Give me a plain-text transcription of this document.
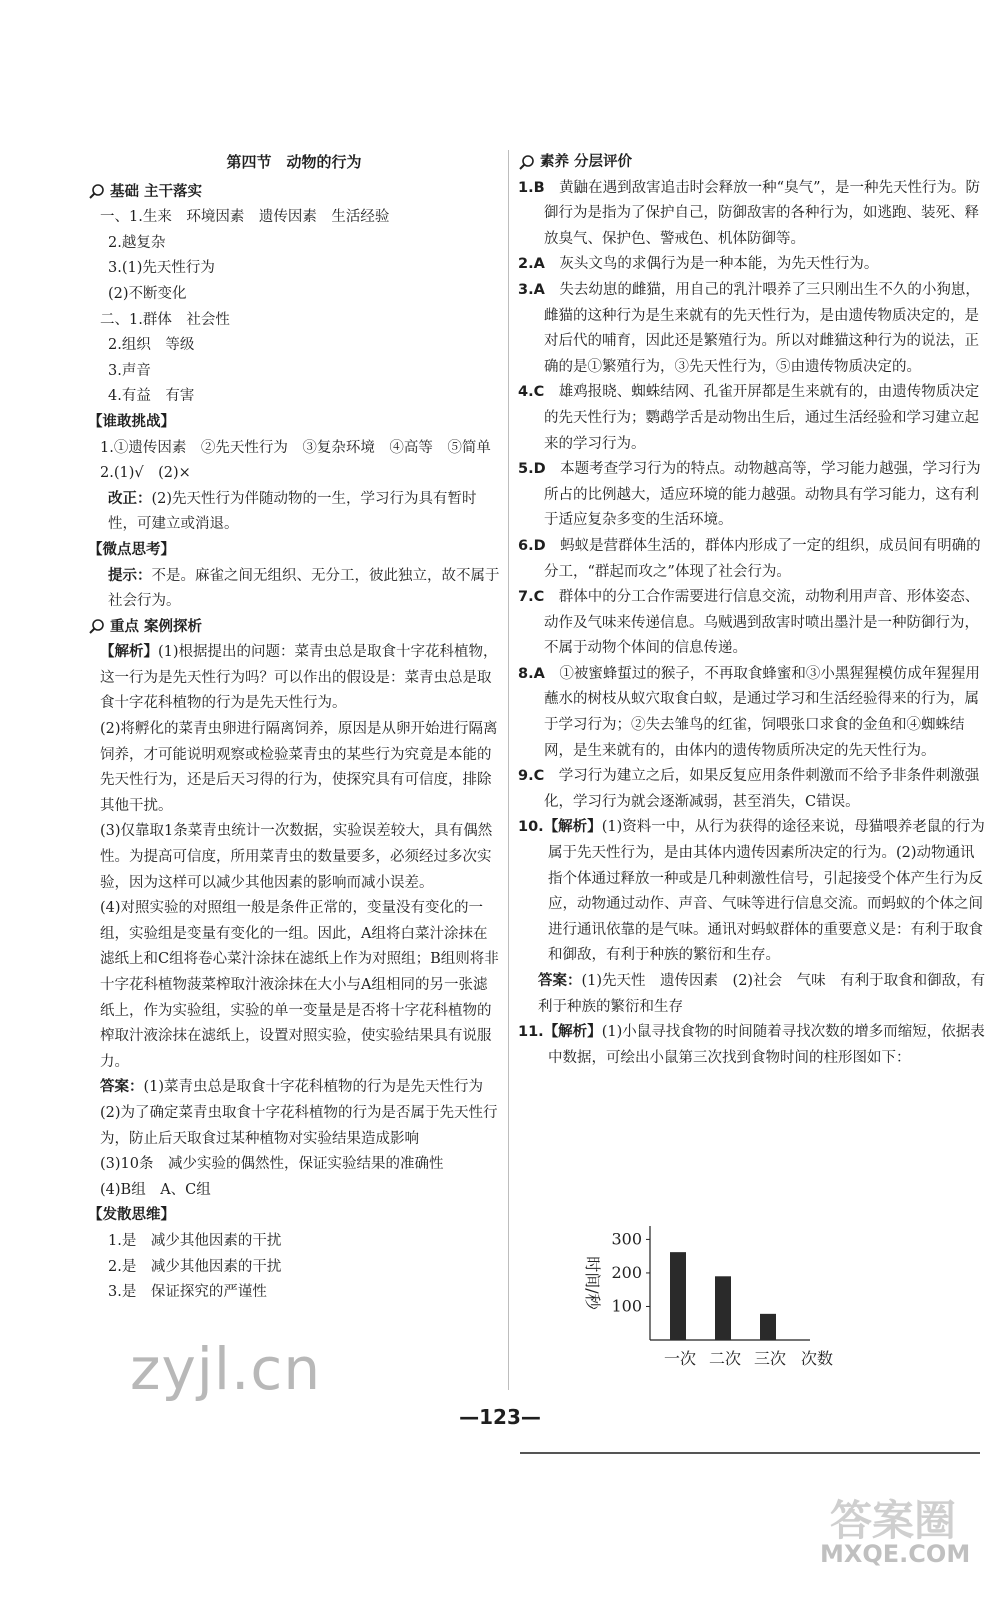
第四节　动物的行为

基础 主干落实

一、1.生来　环境因素　遗传因素　生活经验

2.越复杂

3.(1)先天性行为

(2)不断变化

二、1.群体　社会性

2.组织　等级

3.声音

4.有益　有害

【谁敢挑战】

1.①遗传因素　②先天性行为　③复杂环境　④高等　⑤简单

2.(1)√　(2)×

改正：(2)先天性行为伴随动物的一生，学习行为具有暂时性，可建立或消退。

【微点思考】

提示：不是。麻雀之间无组织、无分工，彼此独立，故不属于社会行为。

重点 案例探析

【解析】(1)根据提出的问题：菜青虫总是取食十字花科植物，这一行为是先天性行为吗？可以作出的假设是：菜青虫总是取食十字花科植物的行为是先天性行为。

(2)将孵化的菜青虫卵进行隔离饲养，原因是从卵开始进行隔离饲养，才可能说明观察或检验菜青虫的某些行为究竟是本能的先天性行为，还是后天习得的行为，使探究具有可信度，排除其他干扰。

(3)仅靠取1条菜青虫统计一次数据，实验误差较大，具有偶然性。为提高可信度，所用菜青虫的数量要多，必须经过多次实验，因为这样可以减少其他因素的影响而减小误差。

(4)对照实验的对照组一般是条件正常的，变量没有变化的一组，实验组是变量有变化的一组。因此，A组将白菜汁涂抹在滤纸上和C组将卷心菜汁涂抹在滤纸上作为对照组；B组则将非十字花科植物菠菜榨取汁液涂抹在大小与A组相同的另一张滤纸上，作为实验组，实验的单一变量是是否将十字花科植物的榨取汁液涂抹在滤纸上，设置对照实验，使实验结果具有说服力。

答案：(1)菜青虫总是取食十字花科植物的行为是先天性行为

(2)为了确定菜青虫取食十字花科植物的行为是否属于先天性行为，防止后天取食过某种植物对实验结果造成影响

(3)10条　减少实验的偶然性，保证实验结果的准确性

(4)B组　A、C组

【发散思维】

1.是　减少其他因素的干扰

2.是　减少其他因素的干扰

3.是　保证探究的严谨性

素养 分层评价

1.B　 黄鼬在遇到敌害追击时会释放一种“臭气”，是一种先天性行为。防御行为是指为了保护自己，防御敌害的各种行为，如逃跑、装死、释放臭气、保护色、警戒色、机体防御等。

2.A　 灰头文鸟的求偶行为是一种本能，为先天性行为。

3.A　 失去幼崽的雌猫，用自己的乳汁喂养了三只刚出生不久的小狗崽，雌猫的这种行为是生来就有的先天性行为，是由遗传物质决定的，是对后代的哺育，因此还是繁殖行为。所以对雌猫这种行为的说法，正确的是①繁殖行为，③先天性行为，⑤由遗传物质决定的。

4.C　 雄鸡报晓、蜘蛛结网、孔雀开屏都是生来就有的，由遗传物质决定的先天性行为；鹦鹉学舌是动物出生后，通过生活经验和学习建立起来的学习行为。

5.D　 本题考查学习行为的特点。动物越高等，学习能力越强，学习行为所占的比例越大，适应环境的能力越强。动物具有学习能力，这有利于适应复杂多变的生活环境。

6.D　 蚂蚁是营群体生活的，群体内形成了一定的组织，成员间有明确的分工，“群起而攻之”体现了社会行为。

7.C　 群体中的分工合作需要进行信息交流，动物利用声音、形体姿态、动作及气味来传递信息。乌贼遇到敌害时喷出墨汁是一种防御行为，不属于动物个体间的信息传递。

8.A　 ①被蜜蜂蜇过的猴子，不再取食蜂蜜和③小黑猩猩模仿成年猩猩用蘸水的树枝从蚁穴取食白蚁，是通过学习和生活经验得来的行为，属于学习行为；②失去雏鸟的红雀，饲喂张口求食的金鱼和④蜘蛛结网，是生来就有的，由体内的遗传物质所决定的先天性行为。

9.C　 学习行为建立之后，如果反复应用条件刺激而不给予非条件刺激强化，学习行为就会逐渐减弱，甚至消失，C错误。

10.【解析】(1)资料一中，从行为获得的途径来说，母猫喂养老鼠的行为属于先天性行为，是由其体内遗传因素所决定的行为。(2)动物通讯指个体通过释放一种或是几种刺激性信号，引起接受个体产生行为反应，动物通过动作、声音、气味等进行信息交流。而蚂蚁的个体之间进行通讯依靠的是气味。通讯对蚂蚁群体的重要意义是：有利于取食和御敌，有利于种族的繁衍和生存。

答案：(1)先天性　遗传因素　(2)社会　气味　有利于取食和御敌，有利于种族的繁衍和生存

11.【解析】(1)小鼠寻找食物的时间随着寻找次数的增多而缩短，依据表中数据，可绘出小鼠第三次找到食物时间的柱形图如下：

100
200
300
时间/秒
一次 二次 三次 次数
—123—
zyjl.cn
答案圈
MXQE.COM
